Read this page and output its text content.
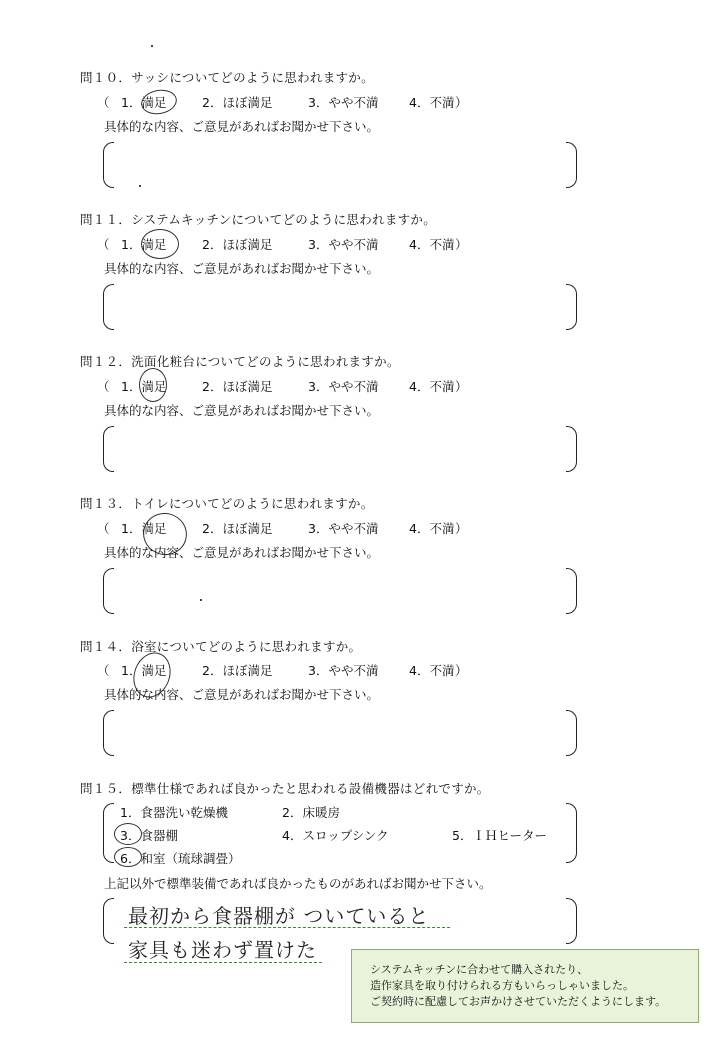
問１０．サッシについてどのように思われますか。
（ 1．満足	2．ほぼ満足	3．やや不満 4．不満 ）
具体的な内容、ご意見があればお聞かせ下さい。
問１１．システムキッチンについてどのように思われますか。
（ 1．満足	2．ほぼ満足	3．やや不満 4．不満 ）
具体的な内容、ご意見があればお聞かせ下さい。
問１２．洗面化粧台についてどのように思われますか。
（ 1．満足	2．ほぼ満足	3．やや不満 4．不満 ）
具体的な内容、ご意見があればお聞かせ下さい。
問１３．トイレについてどのように思われますか。
（ 1．満足	2．ほぼ満足	3．やや不満 4．不満 ）
具体的な内容、ご意見があればお聞かせ下さい。
問１４．浴室についてどのように思われますか。
（ 1．満足	2．ほぼ満足	3．やや不満 4．不満 ）
具体的な内容、ご意見があればお聞かせ下さい。
問１５．標準仕様であれば良かったと思われる設備機器はどれですか。
1．食器洗い乾燥機	2．床暖房
3．食器棚	4．スロップシンク	5．ＩＨヒーター
6．和室（琉球調畳）
上記以外で標準装備であれば良かったものがあればお聞かせ下さい。
最初から食器棚が ついていると
家具も迷わず置けた
システムキッチンに合わせて購入されたり、
造作家具を取り付けられる方もいらっしゃいました。
ご契約時に配慮してお声かけさせていただくようにします。
